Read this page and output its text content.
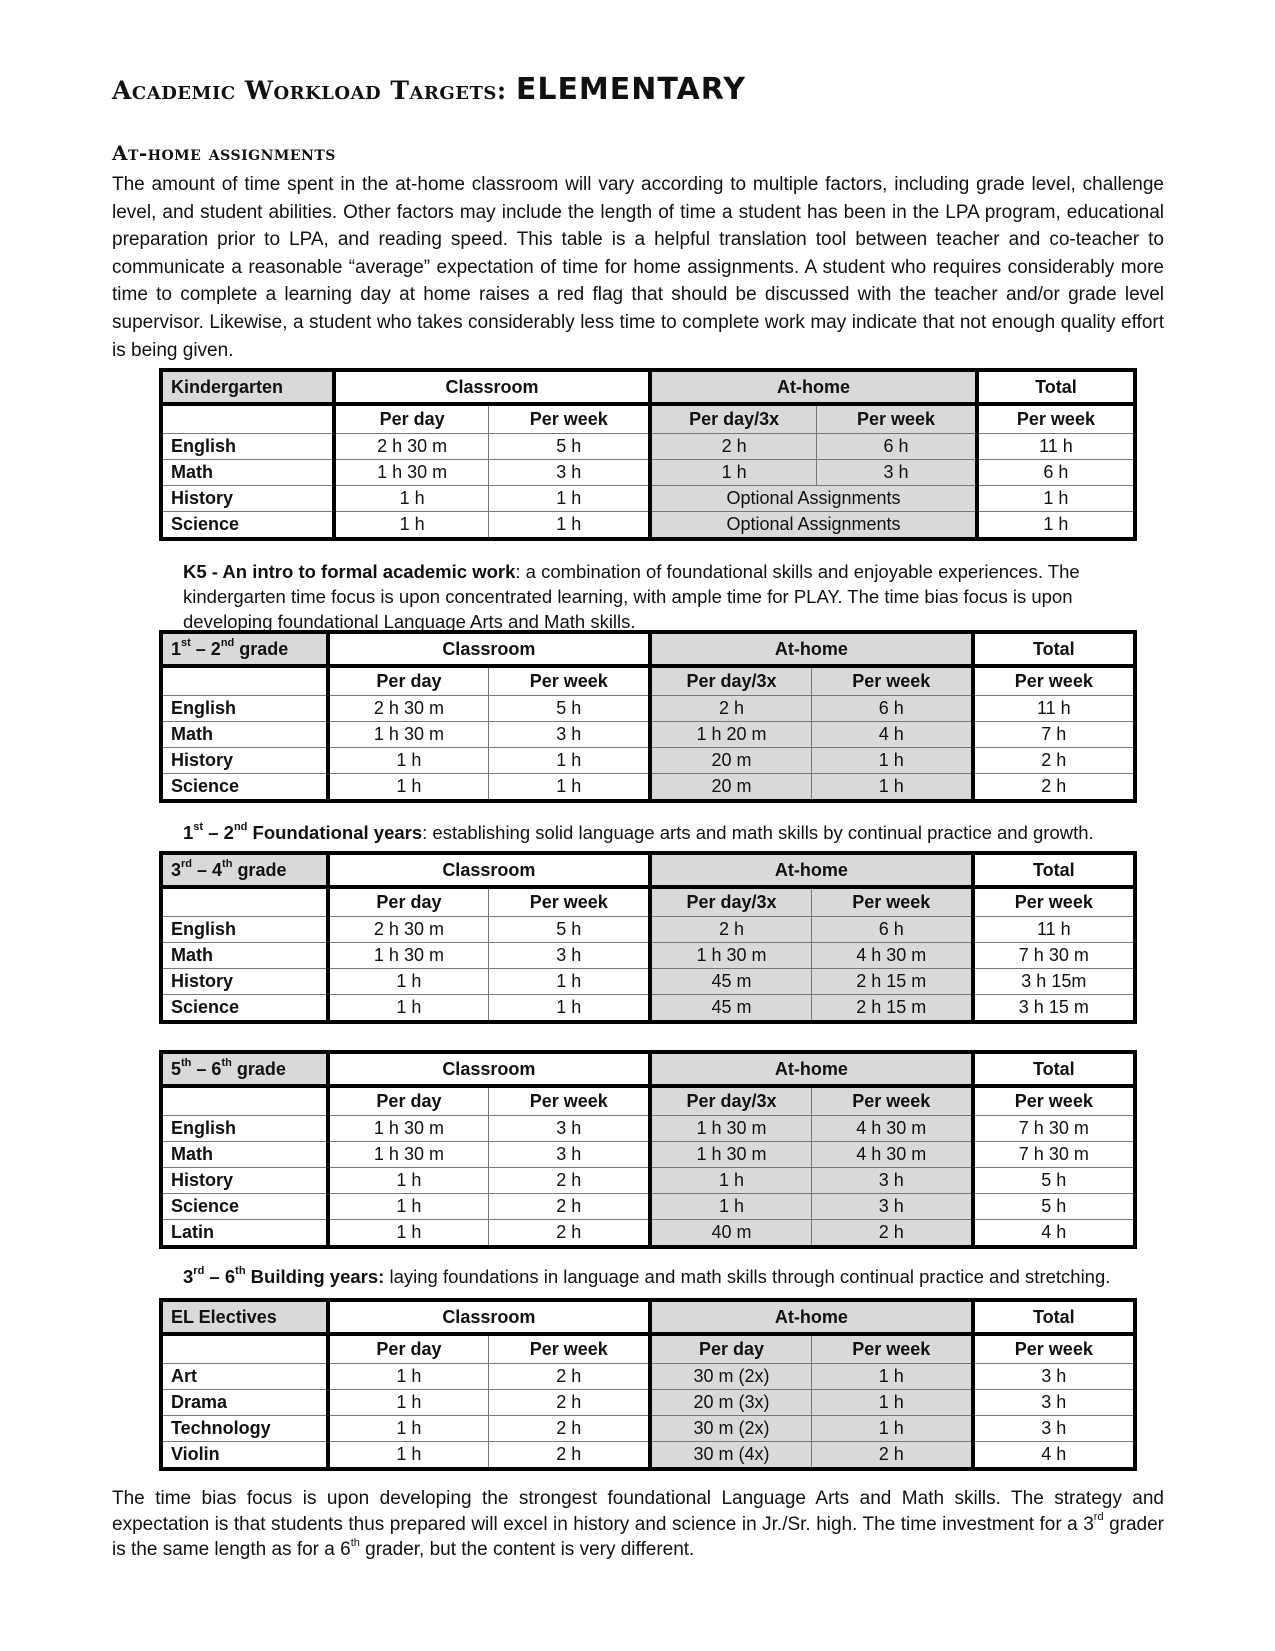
Academic Workload Targets: ELEMENTARY
At-home assignments

The amount of time spent in the at-home classroom will vary according to multiple factors, including grade level, challenge level, and student abilities. Other factors may include the length of time a student has been in the LPA program, educational preparation prior to LPA, and reading speed. This table is a helpful translation tool between teacher and co-teacher to communicate a reasonable “average” expectation of time for home assignments. A student who requires considerably more time to complete a learning day at home raises a red flag that should be discussed with the teacher and/or grade level supervisor. Likewise, a student who takes considerably less time to complete work may indicate that not enough quality effort is being given.

Kindergarten	Classroom		At-home		Total
	Per day	Per week	Per day/3x	Per week	Per week
English	2 h 30 m	5 h	2 h	6 h	11 h
Math	1 h 30 m	3 h	1 h	3 h	6 h
History	1 h	1 h	Optional Assignments		1 h
Science	1 h	1 h	Optional Assignments		1 h

K5 - An intro to formal academic work: a combination of foundational skills and enjoyable experiences. The kindergarten time focus is upon concentrated learning, with ample time for PLAY. The time bias focus is upon developing foundational Language Arts and Math skills.

1st – 2nd grade	Classroom		At-home		Total
	Per day	Per week	Per day/3x	Per week	Per week
English	2 h 30 m	5 h	2 h	6 h	11 h
Math	1 h 30 m	3 h	1 h 20 m	4 h	7 h
History	1 h	1 h	20 m	1 h	2 h
Science	1 h	1 h	20 m	1 h	2 h

1st – 2nd Foundational years: establishing solid language arts and math skills by continual practice and growth.

3rd – 4th grade	Classroom		At-home		Total
	Per day	Per week	Per day/3x	Per week	Per week
English	2 h 30 m	5 h	2 h	6 h	11 h
Math	1 h 30 m	3 h	1 h 30 m	4 h 30 m	7 h 30 m
History	1 h	1 h	45 m	2 h 15 m	3 h 15m
Science	1 h	1 h	45 m	2 h 15 m	3 h 15 m
5th – 6th grade	Classroom		At-home		Total
	Per day	Per week	Per day/3x	Per week	Per week
English	1 h 30 m	3 h	1 h 30 m	4 h 30 m	7 h 30 m
Math	1 h 30 m	3 h	1 h 30 m	4 h 30 m	7 h 30 m
History	1 h	2 h	1 h	3 h	5 h
Science	1 h	2 h	1 h	3 h	5 h
Latin	1 h	2 h	40 m	2 h	4 h

3rd – 6th Building years: laying foundations in language and math skills through continual practice and stretching.

EL Electives	Classroom		At-home		Total
	Per day	Per week	Per day	Per week	Per week
Art	1 h	2 h	30 m (2x)	1 h	3 h
Drama	1 h	2 h	20 m (3x)	1 h	3 h
Technology	1 h	2 h	30 m (2x)	1 h	3 h
Violin	1 h	2 h	30 m (4x)	2 h	4 h

The time bias focus is upon developing the strongest foundational Language Arts and Math skills. The strategy and expectation is that students thus prepared will excel in history and science in Jr./Sr. high. The time investment for a 3rd grader is the same length as for a 6th grader, but the content is very different.
